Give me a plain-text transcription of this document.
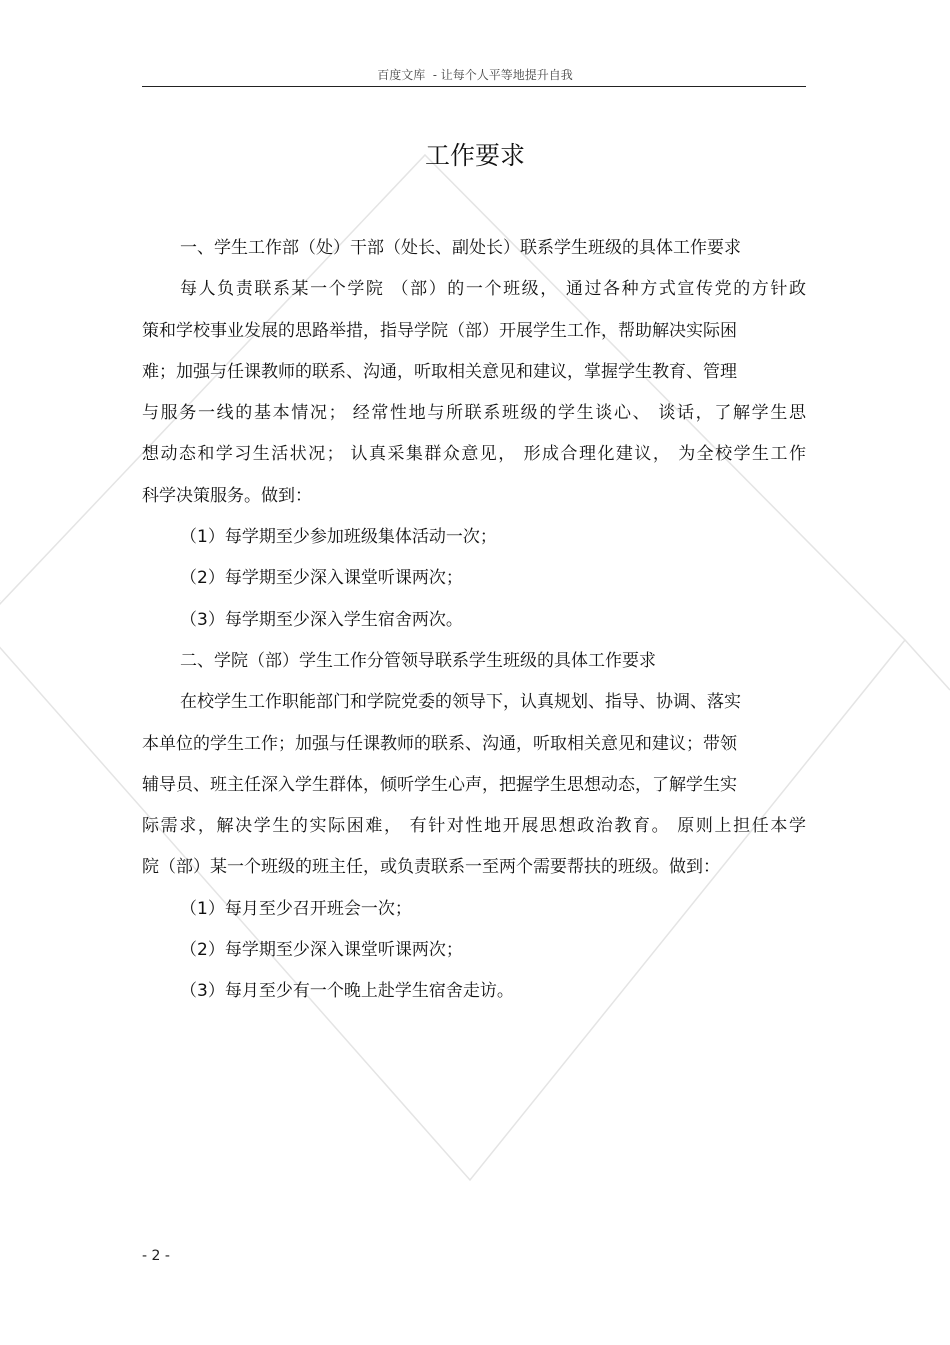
百度文库  - 让每个人平等地提升自我
工作要求
一、学生工作部（处）干部（处长、副处长）联系学生班级的具体工作要求
每人负责联系某一个学院 （部）的一个班级， 通过各种方式宣传党的方针政
策和学校事业发展的思路举措，指导学院（部）开展学生工作，帮助解决实际困
难；加强与任课教师的联系、沟通，听取相关意见和建议，掌握学生教育、管理
与服务一线的基本情况； 经常性地与所联系班级的学生谈心、 谈话，了解学生思
想动态和学习生活状况； 认真采集群众意见， 形成合理化建议， 为全校学生工作
科学决策服务。做到：
（1）每学期至少参加班级集体活动一次；
（2）每学期至少深入课堂听课两次；
（3）每学期至少深入学生宿舍两次。
二、学院（部）学生工作分管领导联系学生班级的具体工作要求
在校学生工作职能部门和学院党委的领导下，认真规划、指导、协调、落实
本单位的学生工作；加强与任课教师的联系、沟通，听取相关意见和建议；带领
辅导员、班主任深入学生群体，倾听学生心声，把握学生思想动态，了解学生实
际需求，解决学生的实际困难， 有针对性地开展思想政治教育。 原则上担任本学
院（部）某一个班级的班主任，或负责联系一至两个需要帮扶的班级。做到：
（1）每月至少召开班会一次；
（2）每学期至少深入课堂听课两次；
（3）每月至少有一个晚上赴学生宿舍走访。
- 2 -
